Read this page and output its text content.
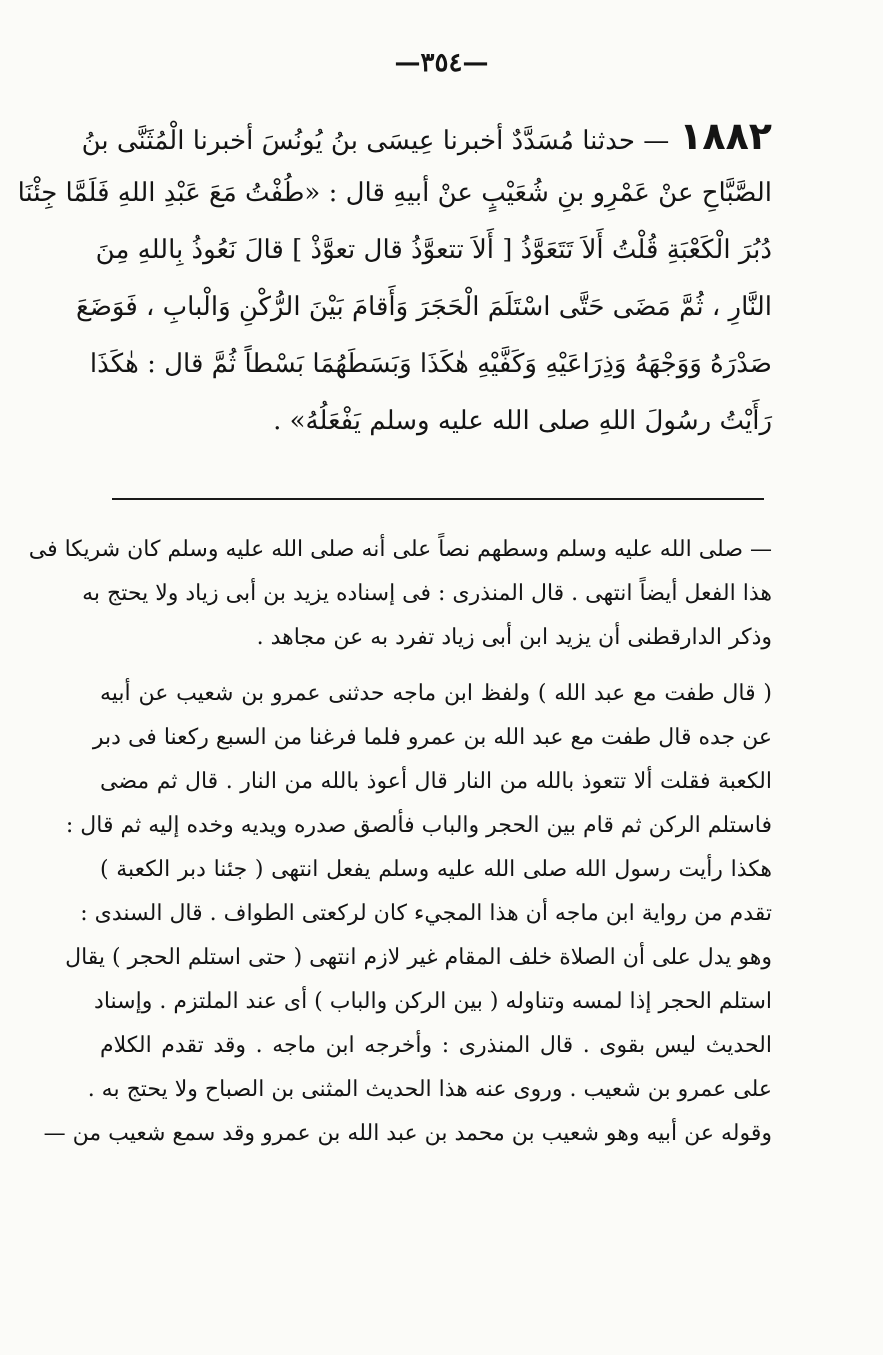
—٣٥٤—
١٨٨٢— حدثنا مُسَدَّدٌ أخبرنا عِيسَى بنُ يُونُسَ أخبرنا الْمُثَنَّى بنُ
الصَّبَّاحِ عنْ عَمْرِو بنِ شُعَيْبٍ عنْ أبيهِ قال : «طُفْتُ مَعَ عَبْدِ اللهِ فَلَمَّا جِئْنَا
دُبُرَ الْكَعْبَةِ قُلْتُ أَلاَ تَتَعَوَّذُ [ أَلاَ تتعوَّذُ قال تعوَّذْ ] قالَ نَعُوذُ بِاللهِ مِنَ
النَّارِ ، ثُمَّ مَضَى حَتَّى اسْتَلَمَ الْحَجَرَ وَأَقامَ بَيْنَ الرُّكْنِ وَالْبابِ ، فَوَضَعَ
صَدْرَهُ وَوَجْهَهُ وَذِرَاعَيْهِ وَكَفَّيْهِ هٰكَذَا وَبَسَطَهُمَا بَسْطاً ثُمَّ قال : هٰكَذَا
رَأَيْتُ رسُولَ اللهِ صلى الله عليه وسلم يَفْعَلُهُ» .
— صلى الله عليه وسلم وسطهم نصاً على أنه صلى الله عليه وسلم كان شريكا فى
هذا الفعل أيضاً انتهى . قال المنذرى : فى إسناده يزيد بن أبى زياد ولا يحتج به
وذكر الدارقطنى أن يزيد ابن أبى زياد تفرد به عن مجاهد .
( قال طفت مع عبد الله ) ولفظ ابن ماجه حدثنى عمرو بن شعيب عن أبيه
عن جده قال طفت مع عبد الله بن عمرو فلما فرغنا من السبع ركعنا فى دبر
الكعبة فقلت ألا تتعوذ بالله من النار قال أعوذ بالله من النار . قال ثم مضى
فاستلم الركن ثم قام بين الحجر والباب فألصق صدره ويديه وخده إليه ثم قال :
هكذا رأيت رسول الله صلى الله عليه وسلم يفعل انتهى ( جئنا دبر الكعبة )
تقدم من رواية ابن ماجه أن هذا المجيء كان لركعتى الطواف . قال السندى :
وهو يدل على أن الصلاة خلف المقام غير لازم انتهى ( حتى استلم الحجر ) يقال
استلم الحجر إذا لمسه وتناوله ( بين الركن والباب ) أى عند الملتزم . وإسناد
الحديث ليس بقوى . قال المنذرى : وأخرجه ابن ماجه . وقد تقدم الكلام
على عمرو بن شعيب . وروى عنه هذا الحديث المثنى بن الصباح ولا يحتج به .
وقوله عن أبيه وهو شعيب بن محمد بن عبد الله بن عمرو وقد سمع شعيب من —
